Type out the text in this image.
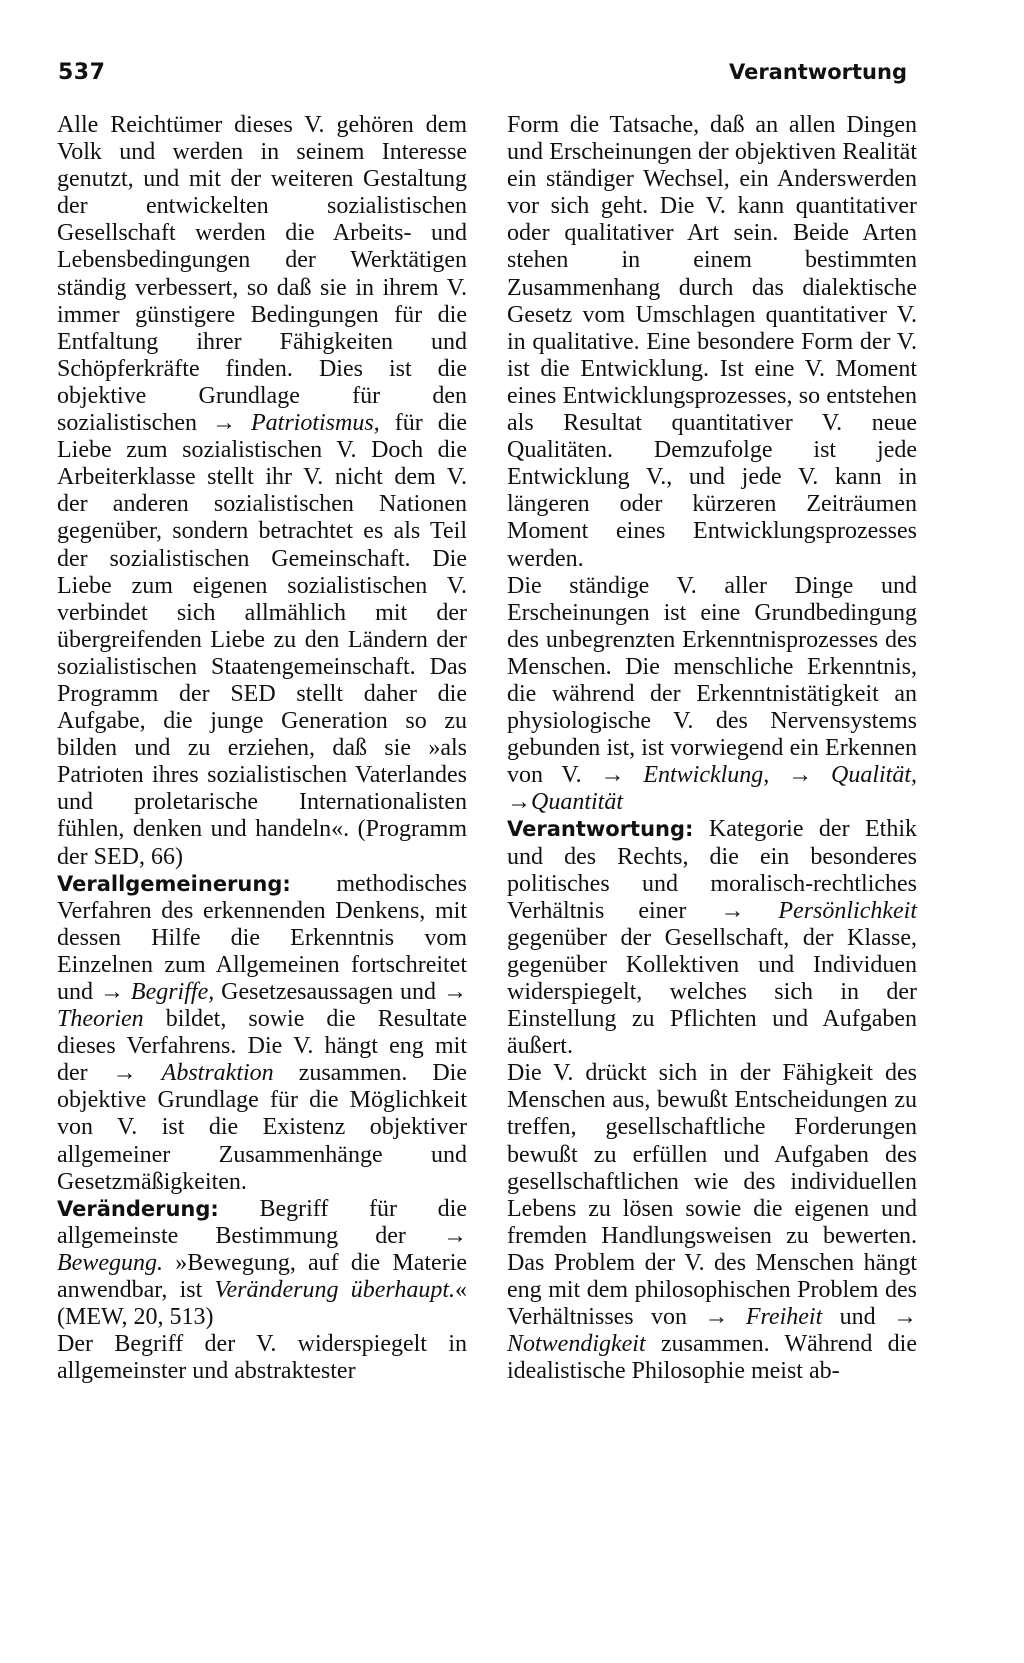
537	Verantwortung

Alle Reichtümer dieses V. gehören dem Volk und werden in seinem Interesse genutzt, und mit der weiteren Gestaltung der entwickelten sozialistischen Gesellschaft werden die Arbeits- und Lebensbedingungen der Werktätigen ständig verbessert, so daß sie in ihrem V. immer günstigere Bedingungen für die Entfaltung ihrer Fähigkeiten und Schöpferkräfte finden. Dies ist die objektive Grundlage für den sozialistischen → Patriotismus, für die Liebe zum sozialistischen V. Doch die Arbeiterklasse stellt ihr V. nicht dem V. der anderen sozialistischen Nationen gegenüber, sondern betrachtet es als Teil der sozialistischen Gemeinschaft. Die Liebe zum eigenen sozialistischen V. verbindet sich allmählich mit der übergreifenden Liebe zu den Ländern der sozialistischen Staatengemeinschaft. Das Programm der SED stellt daher die Aufgabe, die junge Generation so zu bilden und zu erziehen, daß sie »als Patrioten ihres sozialistischen Vaterlandes und proletarische Internationalisten fühlen, denken und handeln«. (Programm der SED, 66)

Verallgemeinerung: methodisches Verfahren des erkennenden Denkens, mit dessen Hilfe die Erkenntnis vom Einzelnen zum Allgemeinen fortschreitet und → Begriffe, Gesetzesaussagen und → Theorien bildet, sowie die Resultate dieses Verfahrens. Die V. hängt eng mit der → Abstraktion zusammen. Die objektive Grundlage für die Möglichkeit von V. ist die Existenz objektiver allgemeiner Zusammenhänge und Gesetzmäßigkeiten.

Veränderung: Begriff für die allgemeinste Bestimmung der → Bewegung. »Bewegung, auf die Materie anwendbar, ist Veränderung überhaupt.« (MEW, 20, 513)

Der Begriff der V. widerspiegelt in allgemeinster und abstraktester

Form die Tatsache, daß an allen Dingen und Erscheinungen der objektiven Realität ein ständiger Wechsel, ein Anderswerden vor sich geht. Die V. kann quantitativer oder qualitativer Art sein. Beide Arten stehen in einem bestimmten Zusammenhang durch das dialektische Gesetz vom Umschlagen quantitativer V. in qualitative. Eine besondere Form der V. ist die Entwicklung. Ist eine V. Moment eines Entwicklungsprozesses, so entstehen als Resultat quantitativer V. neue Qualitäten. Demzufolge ist jede Entwicklung V., und jede V. kann in längeren oder kürzeren Zeiträumen Moment eines Entwicklungsprozesses werden.

Die ständige V. aller Dinge und Erscheinungen ist eine Grundbedingung des unbegrenzten Erkenntnisprozesses des Menschen. Die menschliche Erkenntnis, die während der Erkenntnistätigkeit an physiologische V. des Nervensystems gebunden ist, ist vorwiegend ein Erkennen von V. → Entwicklung, → Qualität, →Quantität

Verantwortung: Kategorie der Ethik und des Rechts, die ein besonderes politisches und moralisch-rechtliches Verhältnis einer → Persönlichkeit gegenüber der Gesellschaft, der Klasse, gegenüber Kollektiven und Individuen widerspiegelt, welches sich in der Einstellung zu Pflichten und Aufgaben äußert.

Die V. drückt sich in der Fähigkeit des Menschen aus, bewußt Entscheidungen zu treffen, gesellschaftliche Forderungen bewußt zu erfüllen und Aufgaben des gesellschaftlichen wie des individuellen Lebens zu lösen sowie die eigenen und fremden Handlungsweisen zu bewerten. Das Problem der V. des Menschen hängt eng mit dem philosophischen Problem des Verhältnisses von → Freiheit und → Notwendigkeit zusammen. Während die idealistische Philosophie meist ab-
